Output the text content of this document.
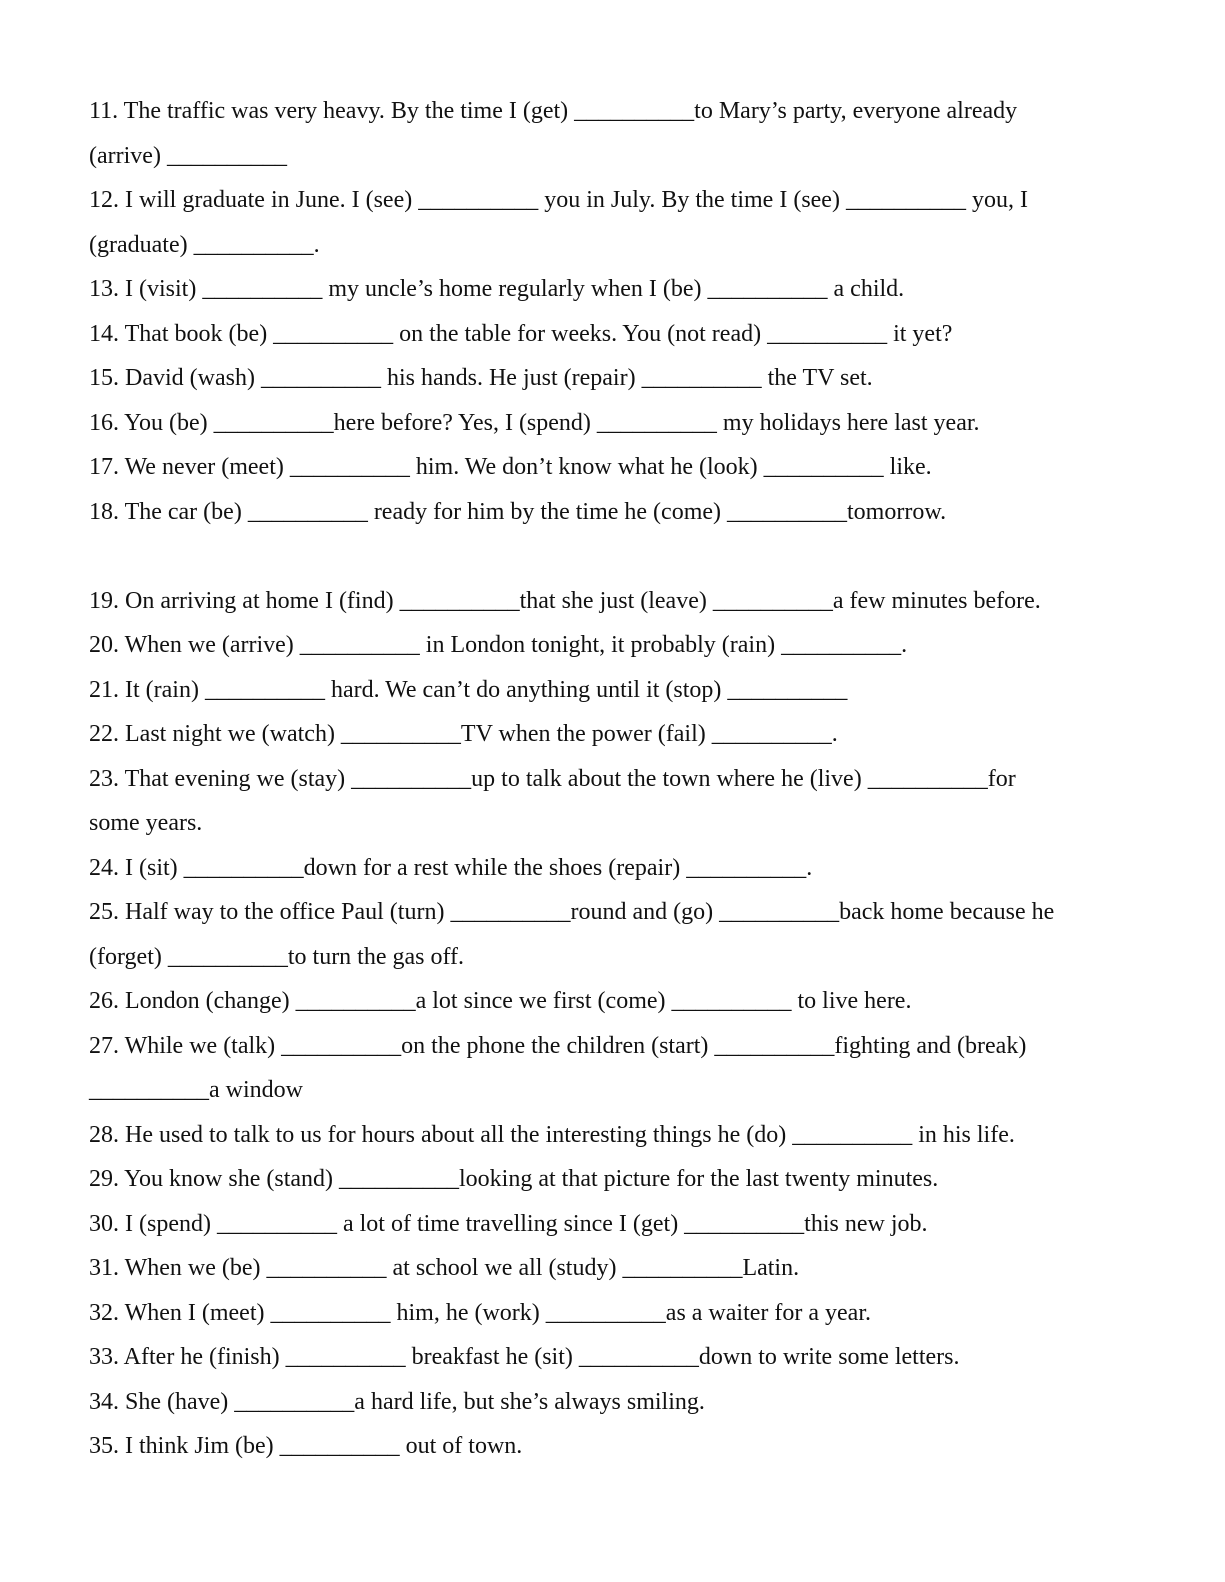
11. The traffic was very heavy. By the time I (get) __________to Mary’s party, everyone already
(arrive) __________
12. I will graduate in June. I (see) __________ you in July. By the time I (see) __________ you, I
(graduate) __________.
13. I (visit) __________ my uncle’s home regularly when I (be) __________ a child.
14. That book (be) __________ on the table for weeks. You (not read) __________ it yet?
15. David (wash) __________ his hands. He just (repair) __________ the TV set.
16. You (be) __________here before? Yes, I (spend) __________ my holidays here last year.
17. We never (meet) __________ him. We don’t know what he (look) __________ like.
18. The car (be) __________ ready for him by the time he (come) __________tomorrow.
19. On arriving at home I (find) __________that she just (leave) __________a few minutes before.
20. When we (arrive) __________ in London tonight, it probably (rain) __________.
21. It (rain) __________ hard. We can’t do anything until it (stop) __________
22. Last night we (watch) __________TV when the power (fail) __________.
23. That evening we (stay) __________up to talk about the town where he (live) __________for
some years.
24. I (sit) __________down for a rest while the shoes (repair) __________.
25. Half way to the office Paul (turn) __________round and (go) __________back home because he
(forget) __________to turn the gas off.
26. London (change) __________a lot since we first (come) __________ to live here.
27. While we (talk) __________on the phone the children (start) __________fighting and (break)
__________a window
28. He used to talk to us for hours about all the interesting things he (do) __________ in his life.
29. You know she (stand) __________looking at that picture for the last twenty minutes.
30. I (spend) __________ a lot of time travelling since I (get) __________this new job.
31. When we (be) __________ at school we all (study) __________Latin.
32. When I (meet) __________ him, he (work) __________as a waiter for a year.
33. After he (finish) __________ breakfast he (sit) __________down to write some letters.
34. She (have) __________a hard life, but she’s always smiling.
35. I think Jim (be) __________ out of town.
